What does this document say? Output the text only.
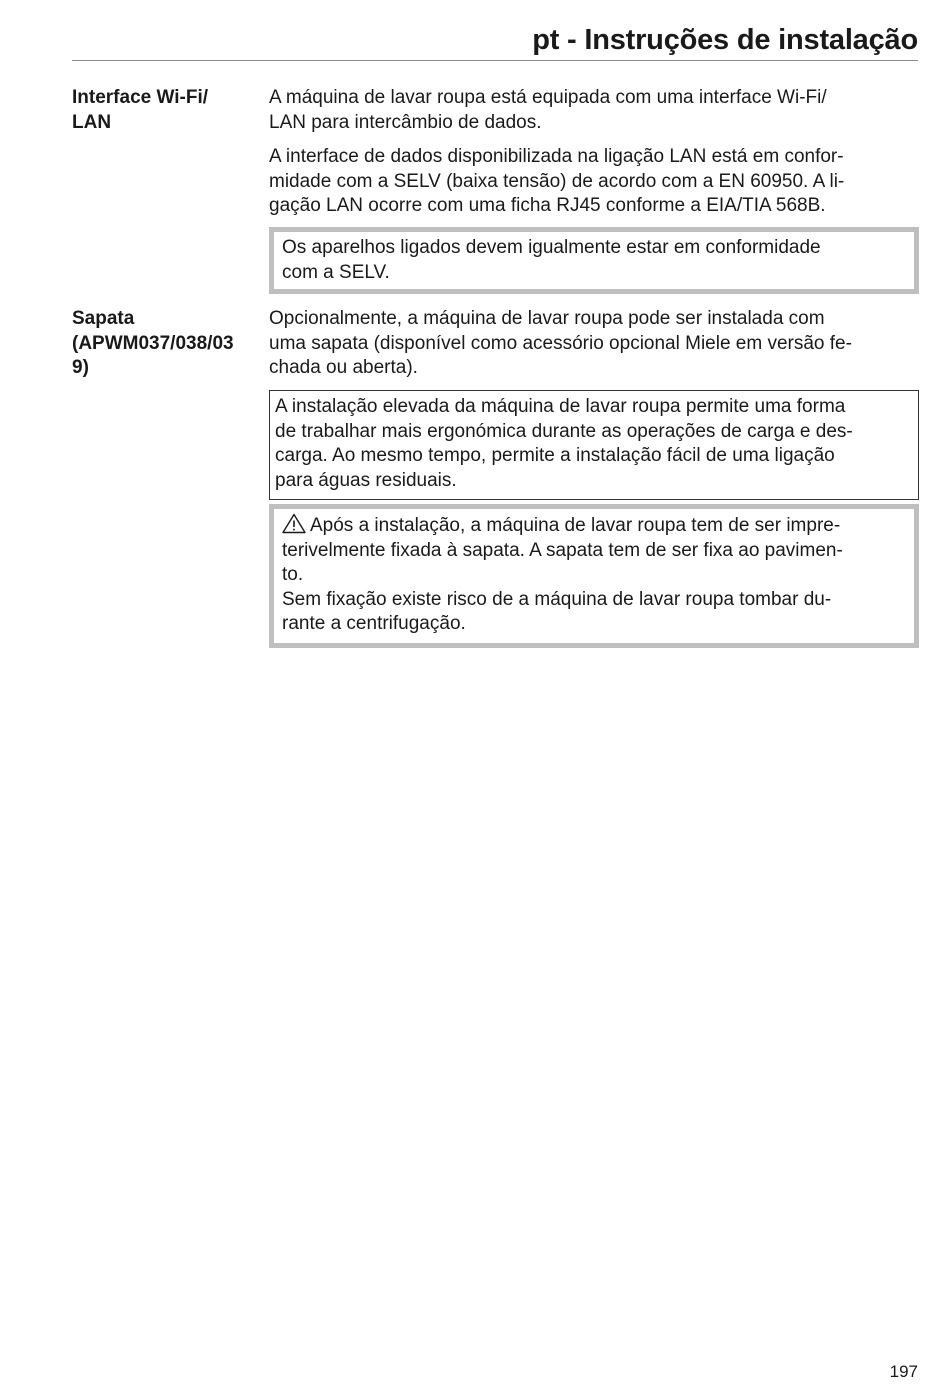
pt - Instruções de instalação
Interface Wi-Fi/
LAN
A máquina de lavar roupa está equipada com uma interface Wi-Fi/
LAN para intercâmbio de dados.
A interface de dados disponibilizada na ligação LAN está em confor-
midade com a SELV (baixa tensão) de acordo com a EN 60950. A li-
gação LAN ocorre com uma ficha RJ45 conforme a EIA/TIA 568B.
Os aparelhos ligados devem igualmente estar em conformidade
com a SELV.
Sapata
(APWM037/038/03
9)
Opcionalmente, a máquina de lavar roupa pode ser instalada com
uma sapata (disponível como acessório opcional Miele em versão fe-
chada ou aberta).
A instalação elevada da máquina de lavar roupa permite uma forma
de trabalhar mais ergonómica durante as operações de carga e des-
carga. Ao mesmo tempo, permite a instalação fácil de uma ligação
para águas residuais.
Após a instalação, a máquina de lavar roupa tem de ser impre-
terivelmente fixada à sapata. A sapata tem de ser fixa ao pavimen-
to.
Sem fixação existe risco de a máquina de lavar roupa tombar du-
rante a centrifugação.
197
